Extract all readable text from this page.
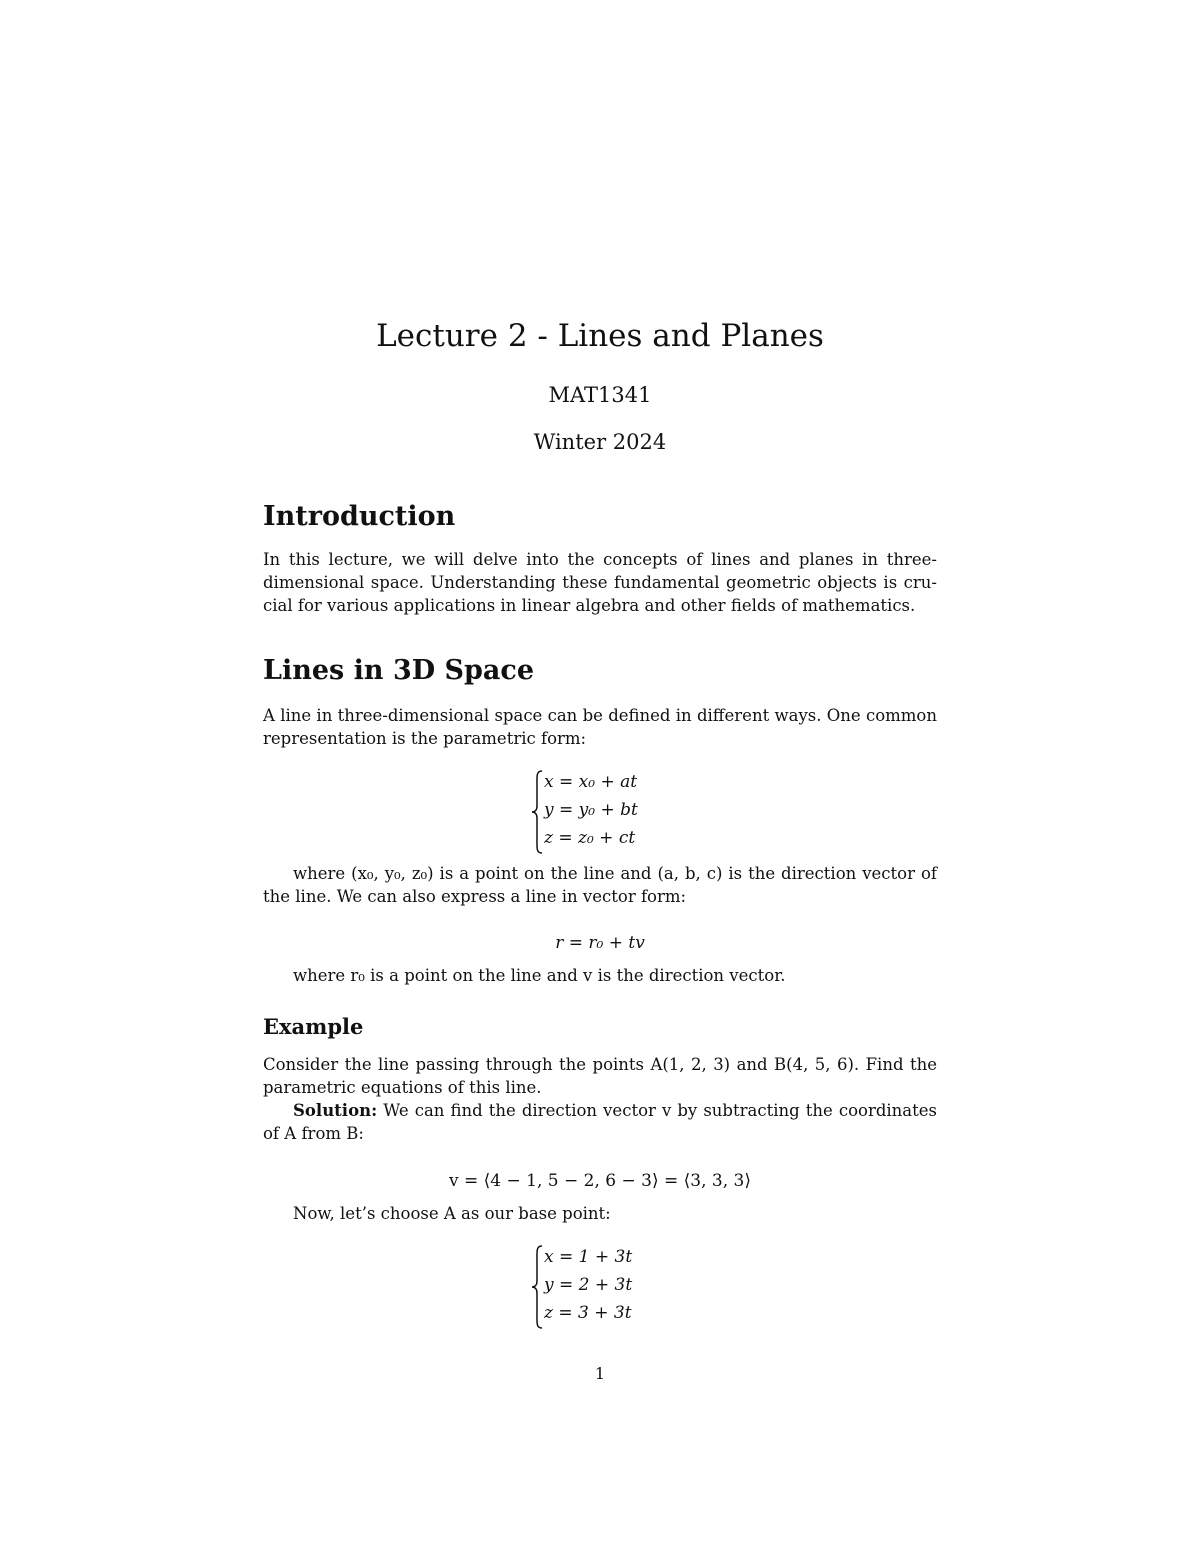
Lecture 2 - Lines and Planes
MAT1341
Winter 2024
Introduction
In this lecture, we will delve into the concepts of lines and planes in three-
dimensional space. Understanding these fundamental geometric objects is cru-
cial for various applications in linear algebra and other fields of mathematics.
Lines in 3D Space
A line in three-dimensional space can be defined in different ways. One common
representation is the parametric form:
x = x₀ + at
y = y₀ + bt
z = z₀ + ct
where (x₀, y₀, z₀) is a point on the line and (a, b, c) is the direction vector of
the line. We can also express a line in vector form:
r = r₀ + tv
where r₀ is a point on the line and v is the direction vector.
Example
Consider the line passing through the points A(1, 2, 3) and B(4, 5, 6). Find the
parametric equations of this line.
Solution: We can find the direction vector v by subtracting the coordinates
of A from B:
v = ⟨4 − 1, 5 − 2, 6 − 3⟩ = ⟨3, 3, 3⟩
Now, let’s choose A as our base point:
x = 1 + 3t
y = 2 + 3t
z = 3 + 3t
1
